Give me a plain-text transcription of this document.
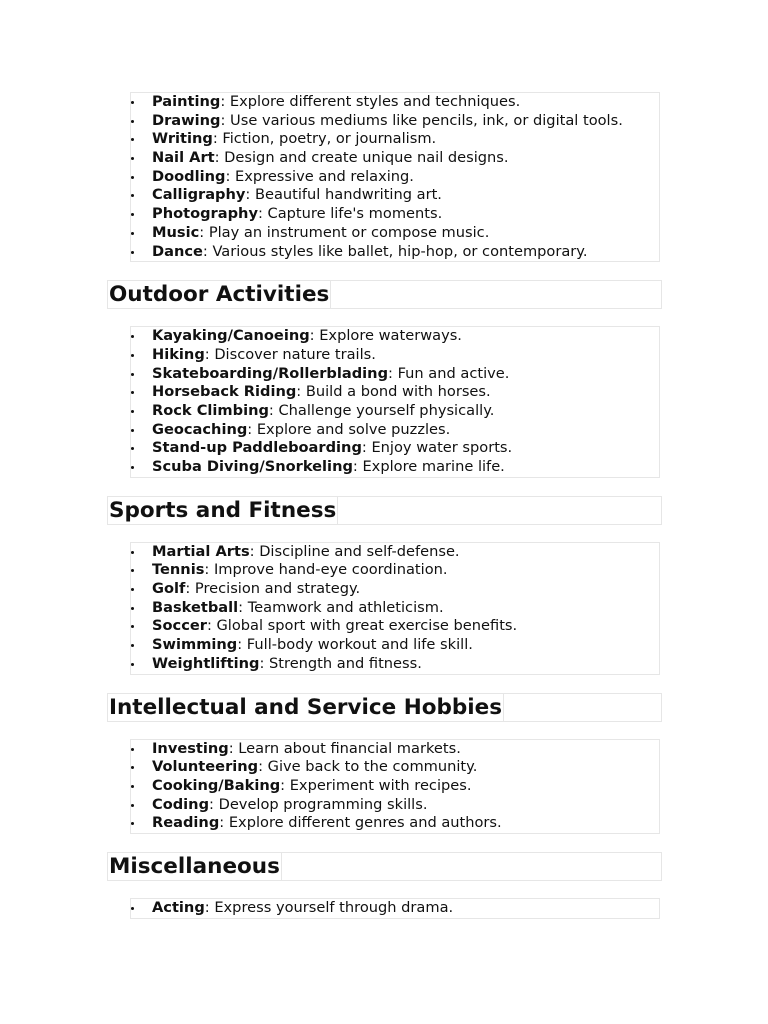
Painting: Explore different styles and techniques.
Drawing: Use various mediums like pencils, ink, or digital tools.
Writing: Fiction, poetry, or journalism.
Nail Art: Design and create unique nail designs.
Doodling: Expressive and relaxing.
Calligraphy: Beautiful handwriting art.
Photography: Capture life's moments.
Music: Play an instrument or compose music.
Dance: Various styles like ballet, hip-hop, or contemporary.
Outdoor Activities
Kayaking/Canoeing: Explore waterways.
Hiking: Discover nature trails.
Skateboarding/Rollerblading: Fun and active.
Horseback Riding: Build a bond with horses.
Rock Climbing: Challenge yourself physically.
Geocaching: Explore and solve puzzles.
Stand-up Paddleboarding: Enjoy water sports.
Scuba Diving/Snorkeling: Explore marine life.
Sports and Fitness
Martial Arts: Discipline and self-defense.
Tennis: Improve hand-eye coordination.
Golf: Precision and strategy.
Basketball: Teamwork and athleticism.
Soccer: Global sport with great exercise benefits.
Swimming: Full-body workout and life skill.
Weightlifting: Strength and fitness.
Intellectual and Service Hobbies
Investing: Learn about financial markets.
Volunteering: Give back to the community.
Cooking/Baking: Experiment with recipes.
Coding: Develop programming skills.
Reading: Explore different genres and authors.
Miscellaneous
Acting: Express yourself through drama.
